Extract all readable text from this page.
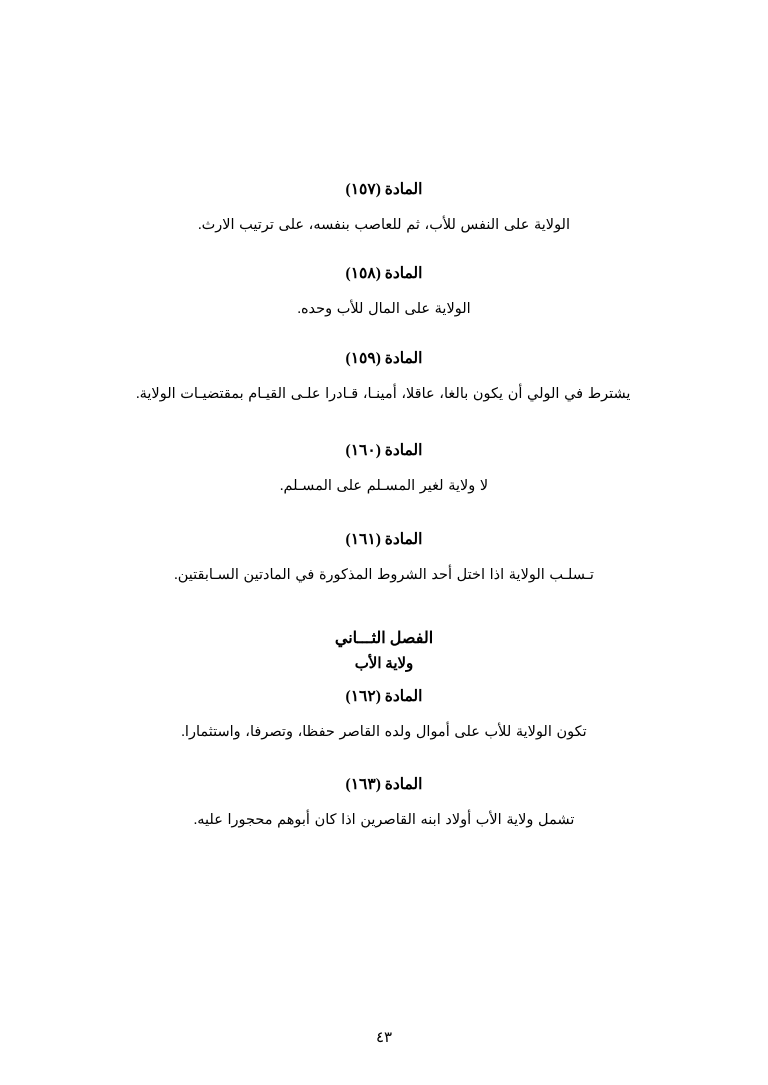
المادة (١٥٧)
الولاية على النفس للأب، ثم للعاصب بنفسه، على ترتيب الارث.
المادة (١٥٨)
الولاية على المال للأب وحده.
المادة (١٥٩)
يشترط في الولي أن يكون بالغا، عاقلا، أمينـا، قـادرا علـى القيـام بمقتضيـات الولاية.
المادة (١٦٠)
لا ولاية لغير المسـلم على المسـلم.
المادة (١٦١)
تـسلـب الولاية اذا اختل أحد الشروط المذكورة في المادتين السـابقتين.
الفصل الثـــاني
ولاية الأب
المادة (١٦٢)
تكون الولاية للأب على أموال ولده القاصر حفظا، وتصرفا، واستثمارا.
المادة (١٦٣)
تشمل ولاية الأب أولاد ابنه القاصرين اذا كان أبوهم محجورا عليه.
٤٣
